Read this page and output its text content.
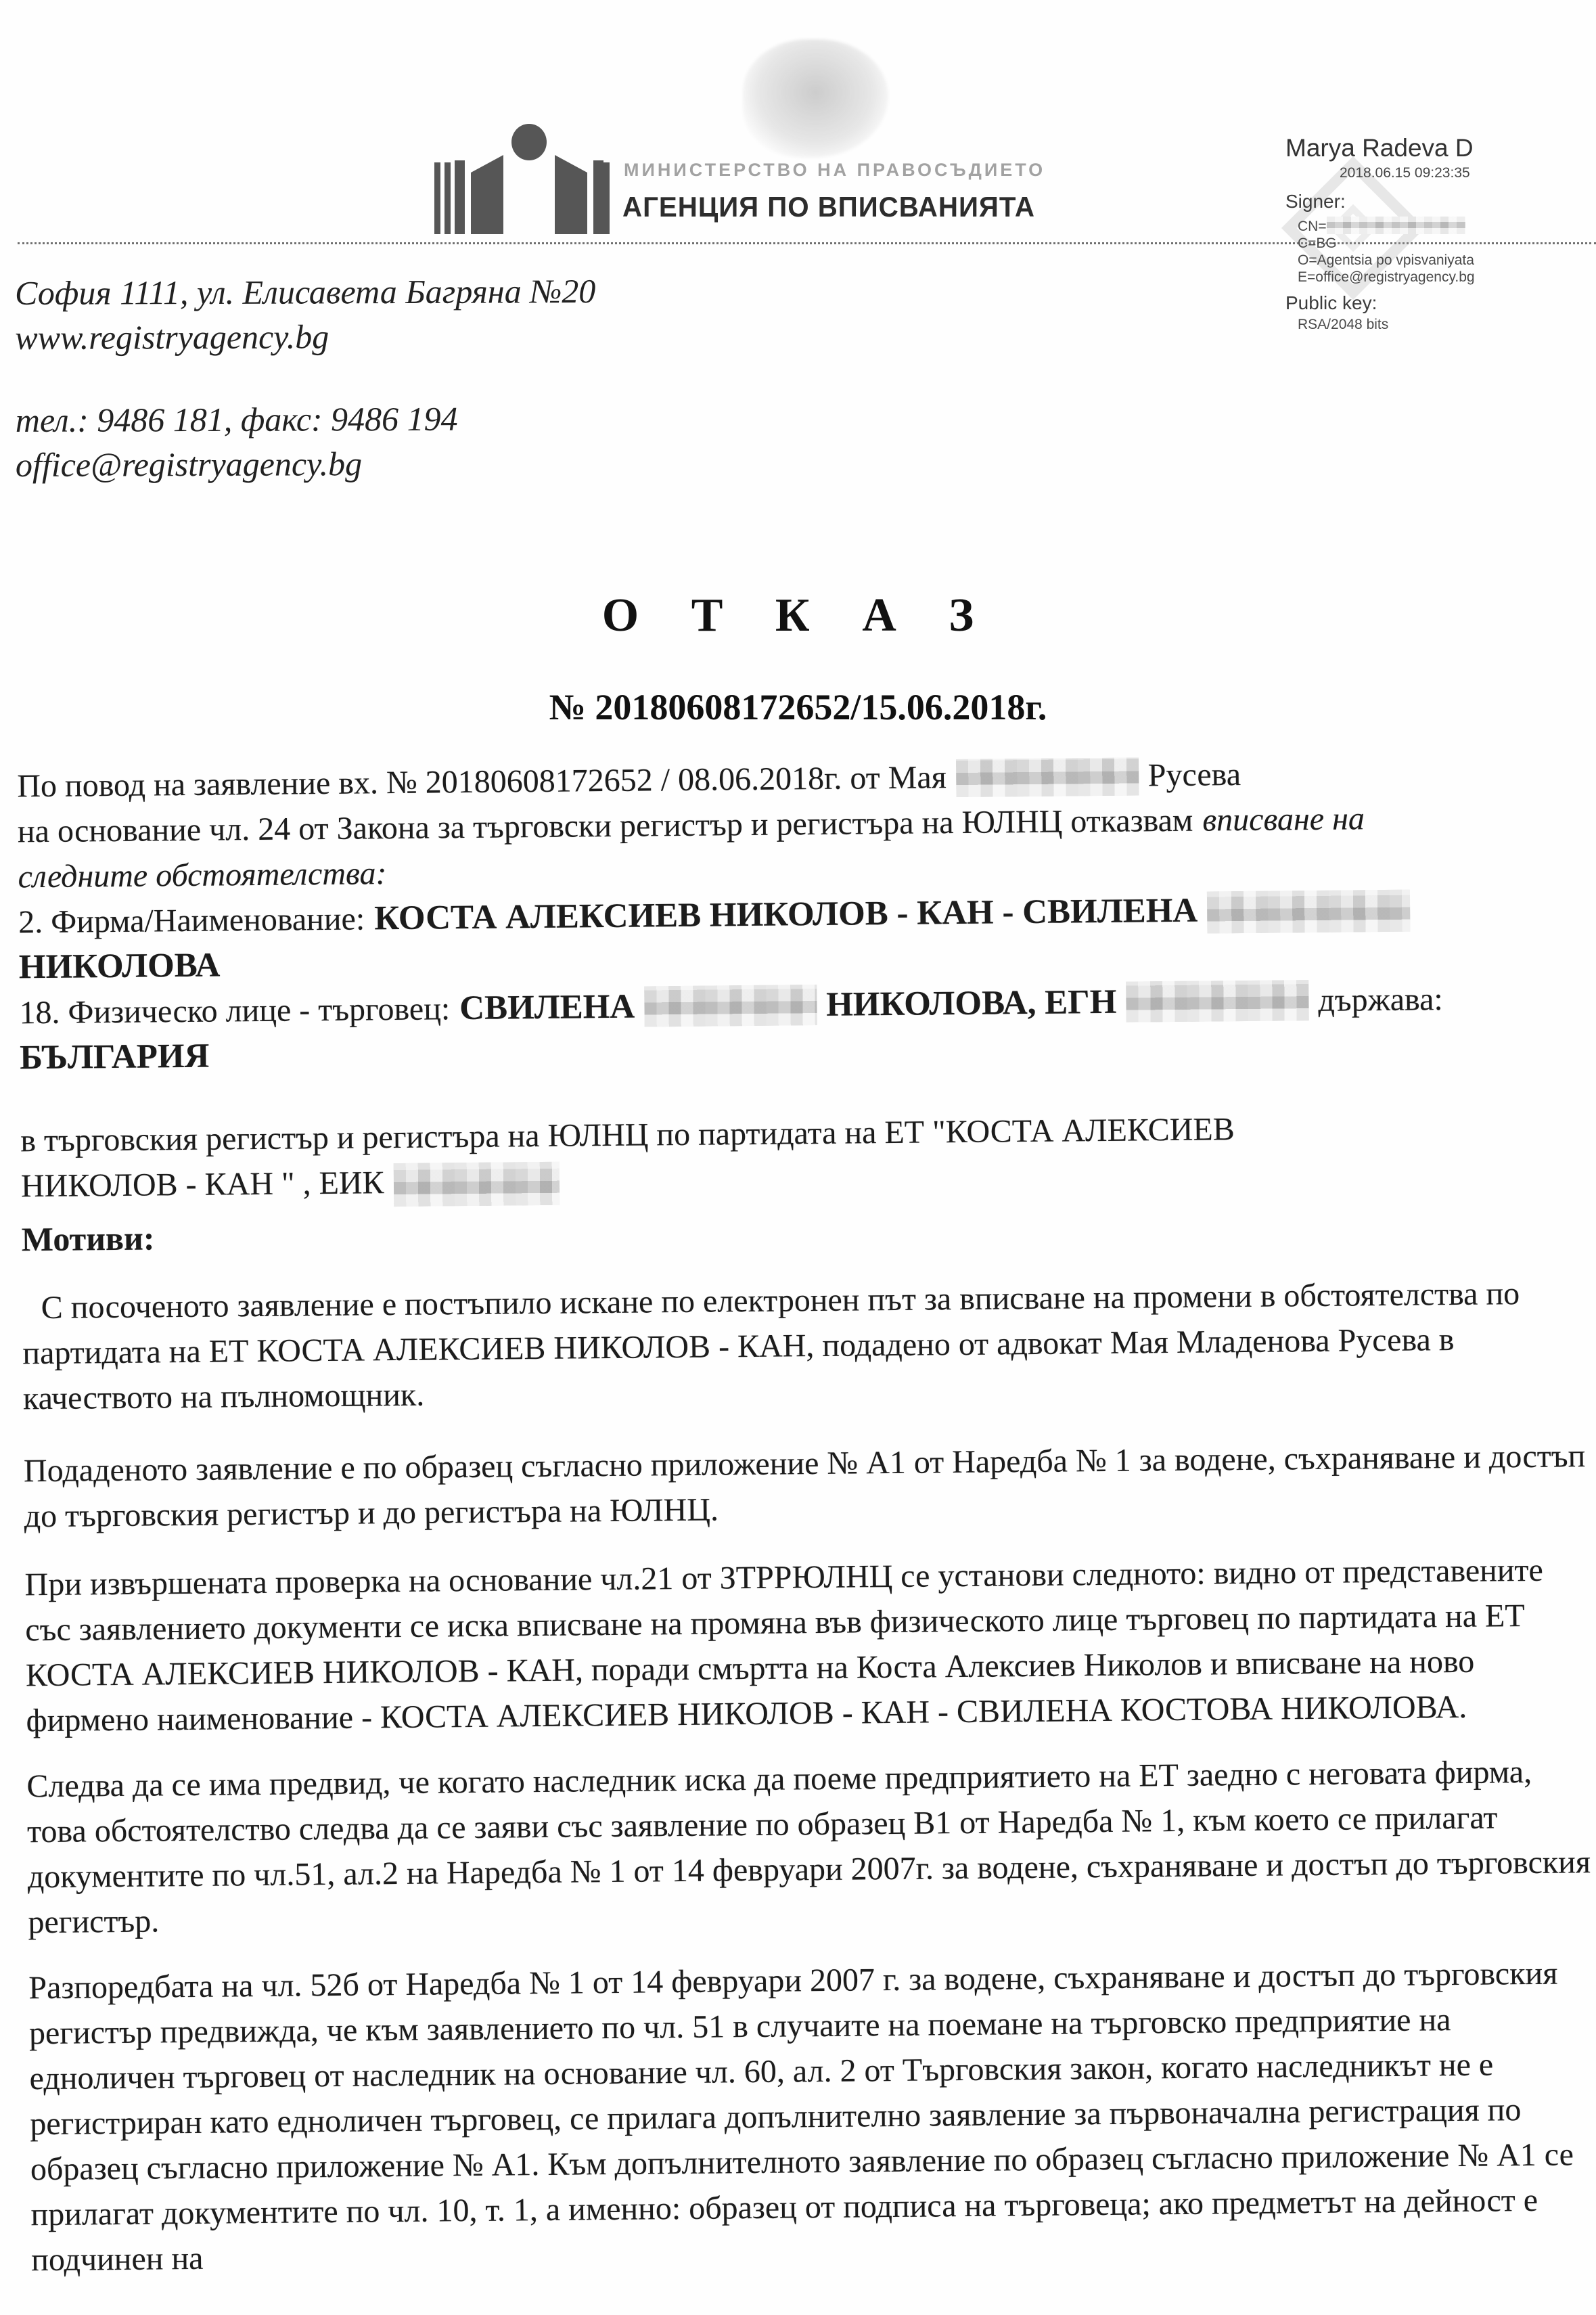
МИНИСТЕРСТВО НА ПРАВОСЪДИЕТО
АГЕНЦИЯ ПО ВПИСВАНИЯТА
Marya Radeva D
2018.06.15 09:23:35
Signer:
CN=
C=BG
O=Agentsia po vpisvaniyata
E=office@registryagency.bg
Public key:
RSA/2048 bits
София 1111, ул. Елисавета Багряна №20
www.registryagency.bg
тел.: 9486 181, факс: 9486 194
office@registryagency.bg
О Т К А З
№ 20180608172652/15.06.2018г.
По повод на заявление вх. № 20180608172652 / 08.06.2018г. от Мая	Русева
на основание чл. 24 от Закона за търговски регистър и регистъра на ЮЛНЦ отказвам вписване на
следните обстоятелства:
2. Фирма/Наименование: КОСТА АЛЕКСИЕВ НИКОЛОВ - КАН - СВИЛЕНА
НИКОЛОВА
18. Физическо лице - търговец: СВИЛЕНА	НИКОЛОВА, ЕГН	държава:
БЪЛГАРИЯ
в търговския регистър и регистъра на ЮЛНЦ по партидата на ЕТ "КОСТА АЛЕКСИЕВ
НИКОЛОВ - КАН " , ЕИК
Мотиви:
С посоченото заявление е постъпило искане по електронен път за вписване на промени в обстоятелства по партидата на ЕТ КОСТА АЛЕКСИЕВ НИКОЛОВ - КАН, подадено от адвокат Мая Младенова Русева в качеството на пълномощник.
Подаденото заявление е по образец съгласно приложение № А1 от Наредба № 1 за водене, съхраняване и достъп до търговския регистър и до регистъра на ЮЛНЦ.
При извършената проверка на основание чл.21 от ЗТРРЮЛНЦ се установи следното: видно от представените със заявлението документи се иска вписване на промяна във физическото лице търговец по партидата на ЕТ КОСТА АЛЕКСИЕВ НИКОЛОВ - КАН, поради смъртта на Коста Алексиев Николов и вписване на ново фирмено наименование - КОСТА АЛЕКСИЕВ НИКОЛОВ - КАН - СВИЛЕНА КОСТОВА НИКОЛОВА.
Следва да се има предвид, че когато наследник иска да поеме предприятието на ЕТ заедно с неговата фирма, това обстоятелство следва да се заяви със заявление по образец В1 от Наредба № 1, към което се прилагат документите по чл.51, ал.2 на Наредба № 1 от 14 февруари 2007г. за водене, съхраняване и достъп до търговския регистър.
Разпоредбата на чл. 52б от Наредба № 1 от 14 февруари 2007 г. за водене, съхраняване и достъп до търговския регистър предвижда, че към заявлението по чл. 51 в случаите на поемане на търговско предприятие на едноличен търговец от наследник на основание чл. 60, ал. 2 от Търговския закон, когато наследникът не е регистриран като едноличен търговец, се прилага допълнително заявление за първоначална регистрация по образец съгласно приложение № А1. Към допълнителното заявление по образец съгласно приложение № А1 се прилагат документите по чл. 10, т. 1, а именно: образец от подписа на търговеца; ако предметът на дейност е подчинен на
